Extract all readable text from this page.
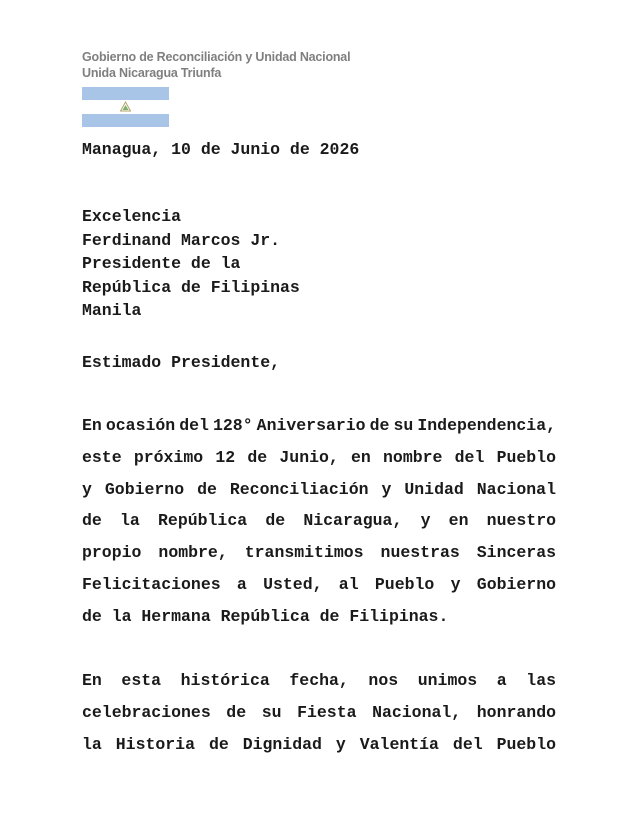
Gobierno de Reconciliación y Unidad Nacional
Unida Nicaragua Triunfa
Managua, 10 de Junio de 2026
Excelencia
Ferdinand Marcos Jr.
Presidente de la
República de Filipinas
Manila
Estimado Presidente,
En ocasión del 128° Aniversario de su Independencia,
este próximo 12 de Junio, en nombre del Pueblo
y Gobierno de Reconciliación y Unidad Nacional
de la República de Nicaragua, y en nuestro
propio nombre, transmitimos nuestras Sinceras
Felicitaciones a Usted, al Pueblo y Gobierno
de la Hermana República de Filipinas.
En esta histórica fecha, nos unimos a las
celebraciones de su Fiesta Nacional, honrando
la Historia de Dignidad y Valentía del Pueblo
